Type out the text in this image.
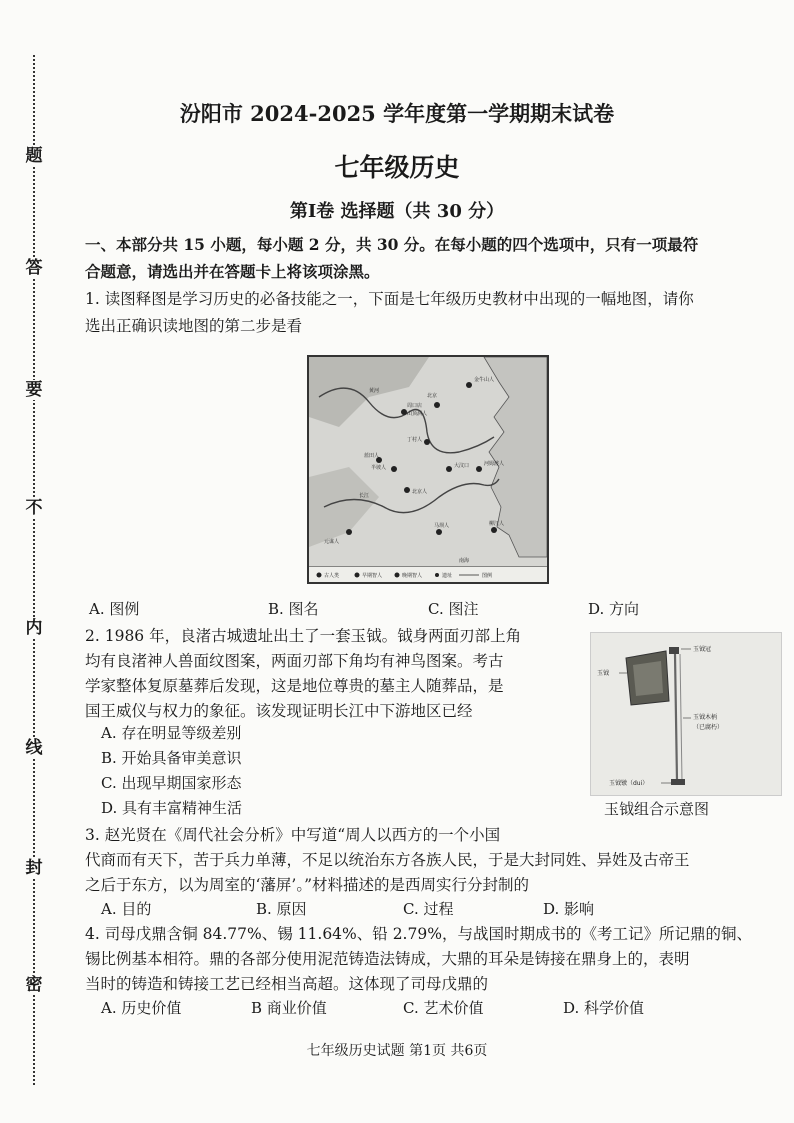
题
答
要
不
内
线
封
密
汾阳市 2024-2025 学年度第一学期期末试卷
七年级历史
第Ⅰ卷 选择题（共 30 分）
一、本部分共 15 小题，每小题 2 分，共 30 分。在每小题的四个选项中，只有一项最符
合题意，请选出并在答题卡上将该项涂黑。
1. 读图释图是学习历史的必备技能之一，下面是七年级历史教材中出现的一幅地图，请你
选出正确识读地图的第二步是看
金牛山人
北京
周口店
山顶洞人
丁村人
蓝田人
半坡人	大汶口	河姆渡人
北京人
元谋人
马坝人	柳江人
南海
长江
黄河
古人类	早期智人	晚期智人	遗址	图例
A. 图例	B. 图名	C. 图注	D. 方向
2. 1986 年，良渚古城遗址出土了一套玉钺。钺身两面刃部上角
均有良渚神人兽面纹图案，两面刃部下角均有神鸟图案。考古
学家整体复原墓葬后发现，这是地位尊贵的墓主人随葬品，是
国王威仪与权力的象征。该发现证明长江中下游地区已经
A. 存在明显等级差别
B. 开始具备审美意识
C. 出现早期国家形态
D. 具有丰富精神生活
玉钺冠
玉钺
玉钺木柄
（已腐朽）
玉钺镦（dui）
玉钺组合示意图
3. 赵光贤在《周代社会分析》中写道“周人以西方的一个小国
代商而有天下，苦于兵力单薄，不足以统治东方各族人民，于是大封同姓、异姓及古帝王
之后于东方，以为周室的‘藩屏’。”材料描述的是西周实行分封制的
A. 目的	B. 原因	C. 过程	D. 影响
4. 司母戊鼎含铜 84.77%、锡 11.64%、铅 2.79%，与战国时期成书的《考工记》所记鼎的铜、
锡比例基本相符。鼎的各部分使用泥范铸造法铸成，大鼎的耳朵是铸接在鼎身上的，表明
当时的铸造和铸接工艺已经相当高超。这体现了司母戊鼎的
A. 历史价值	B 商业价值	C. 艺术价值	D. 科学价值
七年级历史试题 第1页 共6页
